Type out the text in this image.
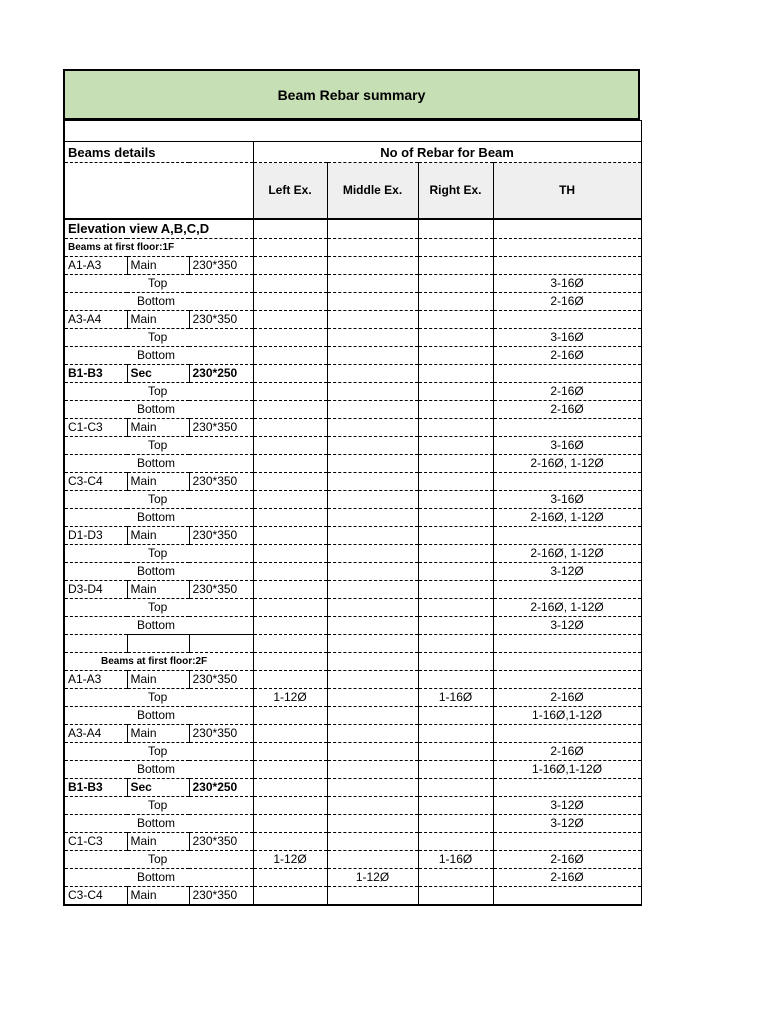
Beam Rebar summary

Beams details			No of Rebar for Beam			
			Left Ex.	Middle Ex.	Right Ex.	TH
Elevation view A,B,C,D						
Beams at first floor:1F						
A1-A3	Main	230*350				
Top						3-16Ø
Bottom						2-16Ø
A3-A4	Main	230*350				
Top						3-16Ø
Bottom						2-16Ø
B1-B3	Sec	230*250				
Top						2-16Ø
Bottom						2-16Ø
C1-C3	Main	230*350				
Top						3-16Ø
Bottom						2-16Ø, 1-12Ø
C3-C4	Main	230*350				
Top						3-16Ø
Bottom						2-16Ø, 1-12Ø
D1-D3	Main	230*350				
Top						2-16Ø, 1-12Ø
Bottom						3-12Ø
D3-D4	Main	230*350				
Top						2-16Ø, 1-12Ø
Bottom						3-12Ø

Beams at first floor:2F						
A1-A3	Main	230*350				
Top			1-12Ø		1-16Ø	2-16Ø
Bottom						1-16Ø,1-12Ø
A3-A4	Main	230*350				
Top						2-16Ø
Bottom						1-16Ø,1-12Ø
B1-B3	Sec	230*250				
Top						3-12Ø
Bottom						3-12Ø
C1-C3	Main	230*350				
Top			1-12Ø		1-16Ø	2-16Ø
Bottom				1-12Ø		2-16Ø
C3-C4	Main	230*350				
